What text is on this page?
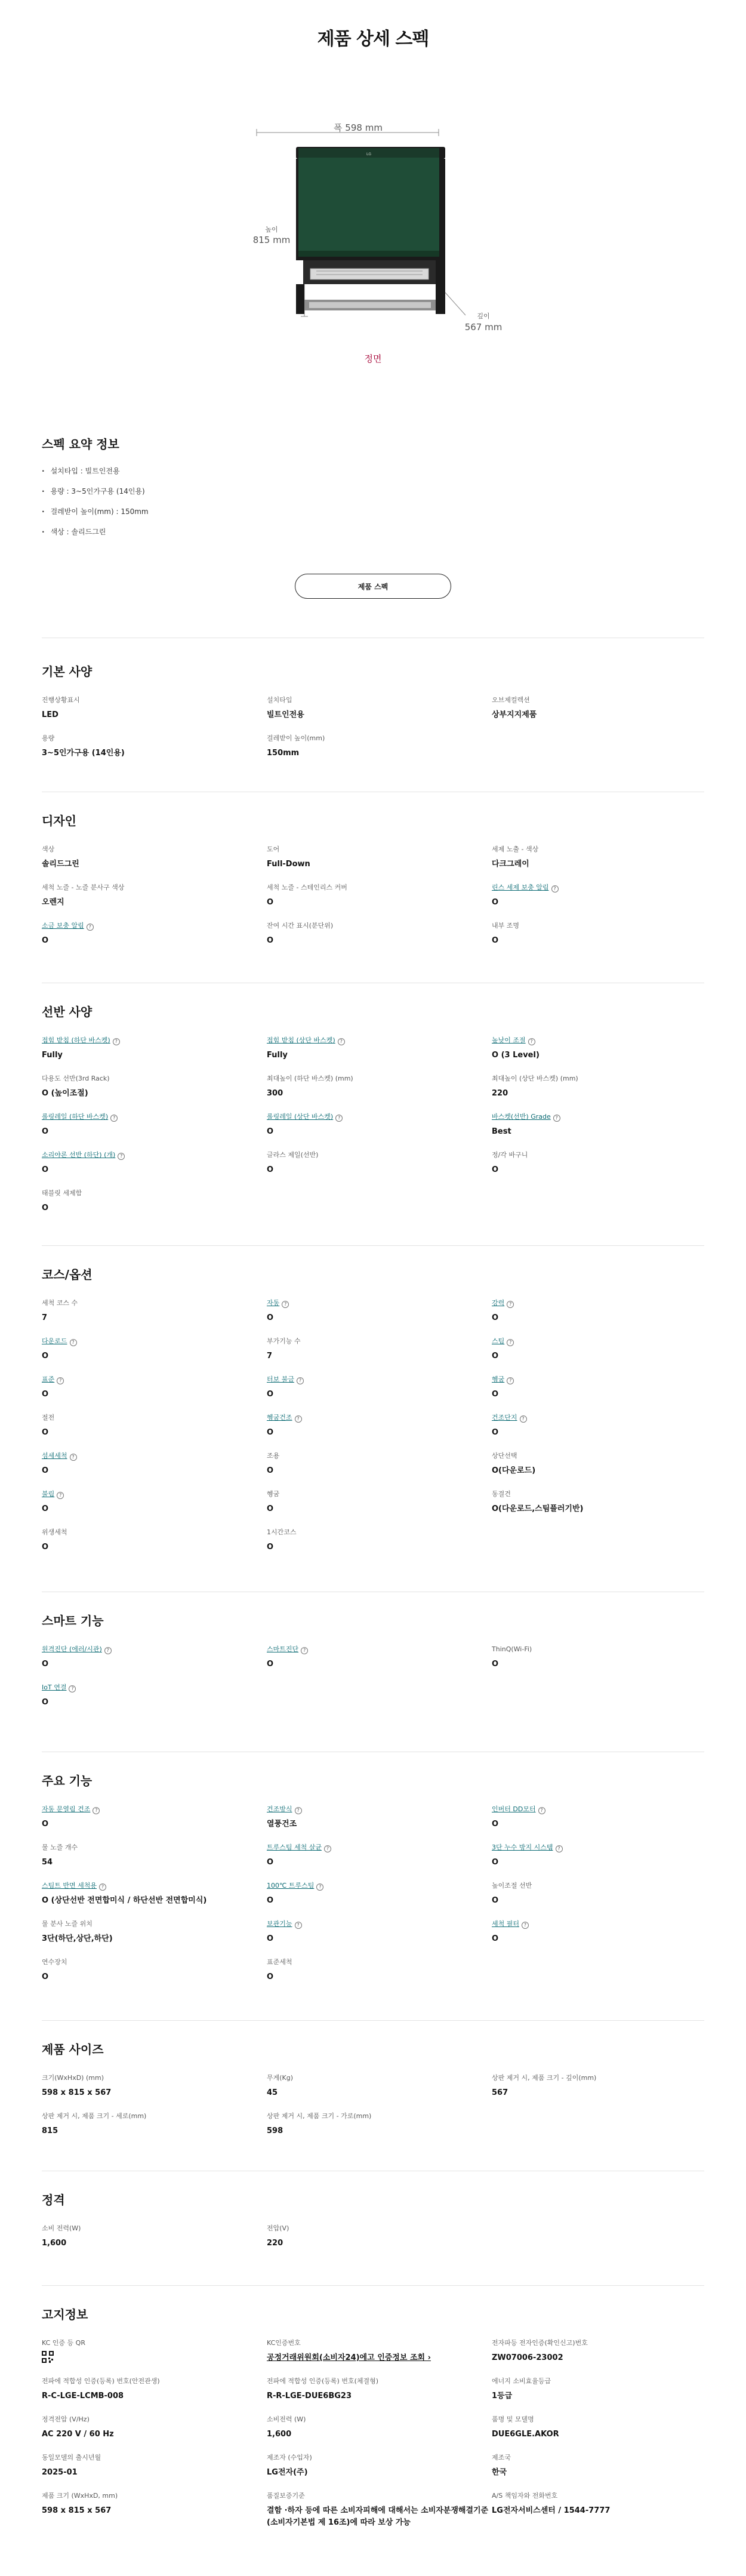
제품 상세 스펙
LG
폭 598 mm
높이
815 mm
깊이
567 mm
정면
스펙 요약 정보
· 설치타입 : 빌트인전용
· 용량 : 3~5인가구용 (14인용)
· 걸레받이 높이(mm) : 150mm
· 색상 : 솔리드그린
제품 스펙
기본 사양
진행상황표시
LED
설치타입
빌트인전용
오브제컬렉션
상부지지제품
용량
3~5인가구용 (14인용)
걸레받이 높이(mm)
150mm
디자인
색상
솔리드그린
도어
Full-Down
세제 노출 - 색상
다크그레이
세척 노즐 - 노즐 분사구 색상
오렌지
세척 노즐 - 스테인리스 커버
O
린스 세제 보충 알림 ?
O
소금 보충 알림 ?
O
잔여 시간 표시(분단위)
O
내부 조명
O
선반 사양
접힘 받침 (하단 바스켓) ?
Fully
접힘 받침 (상단 바스켓) ?
Fully
높낮이 조절 ?
O (3 Level)
다용도 선반(3rd Rack)
O (높이조절)
최대높이 (하단 바스켓) (mm)
300
최대높이 (상단 바스켓) (mm)
220
롤링레일 (하단 바스켓) ?
O
롤링레일 (상단 바스켓) ?
O
바스켓(선반) Grade ?
Best
소리야론 선반 (하단) (개) ?
O
글라스 제일(선반)
O
정/각 바구니
O
태블릿 세제함
O
코스/옵션
세척 코스 수
7
자동 ?
O
강력 ?
O
다운로드 ?
O
부가기능 수
7
스팀 ?
O
표준 ?
O
터보 불금 ?
O
헹굼 ?
O
절전
O
헹굼건조 ?
O
건조단지 ?
O
섬세세척 ?
O
조용
O
상단선택
O(다운로드)
불림 ?
O
헹굼
O
동결건
O(다운로드,스팀플러기반)
위생세척
O
1시간코스
O
스마트 기능
원격진단 (에러/시관) ?
O
스마트진단 ?
O
ThinQ(Wi-Fi)
O
IoT 연결 ?
O
주요 기능
자동 문열림 건조 ?
O
건조방식 ?
열풍건조
인버터 DD모터 ?
O
물 노즐 개수
54
트루스팀 세척 살균 ?
O
3단 누수 방지 시스템 ?
O
스팀트 반면 세척용 ?
O (상단선반 전면합미식 / 하단선반 전면합미식)
100℃ 트루스팀 ?
O
높이조절 선반
O
물 분사 노즐 위치
3단(하단,상단,하단)
보관기능 ?
O
세척 필터 ?
O
연수장치
O
표준세척
O
제품 사이즈
크기(WxHxD) (mm)
598 x 815 x 567
무게(Kg)
45
상판 제거 시, 제품 크기 - 깊이(mm)
567
상판 제거 시, 제품 크기 - 세로(mm)
815
상판 제거 시, 제품 크기 - 가로(mm)
598
정격
소비 전력(W)
1,600
전압(V)
220
고지정보
KC 인증 등 QR	KC인증번호
공정거래위원회(소비자24)에고 인증정보 조회 ›
전자파등 전자인증(확인신고)번호
ZW07006-23002
전파에 적합성 인증(등록) 번호(안전관생)
R-C-LGE-LCMB-008
전파에 적합성 인증(등록) 번호(체결형)
R-R-LGE-DUE6BG23
에너지 소비효율등급
1등급
정격전압 (V/Hz)
AC 220 V / 60 Hz
소비전력 (W)
1,600
품명 및 모델명
DUE6GLE.AKOR
동일모델의 출시년월
2025-01
제조자 (수입자)
LG전자(주)
제조국
한국
제품 크기 (WxHxD, mm)
598 x 815 x 567
품질보증기준
결함 ·하자 등에 따른 소비자피해에 대해서는 소비자분쟁해결기준 (소비자기본법 제 16조)에 따라 보상 가능
A/S 책임자와 전화번호
LG전자서비스센터 / 1544-7777
